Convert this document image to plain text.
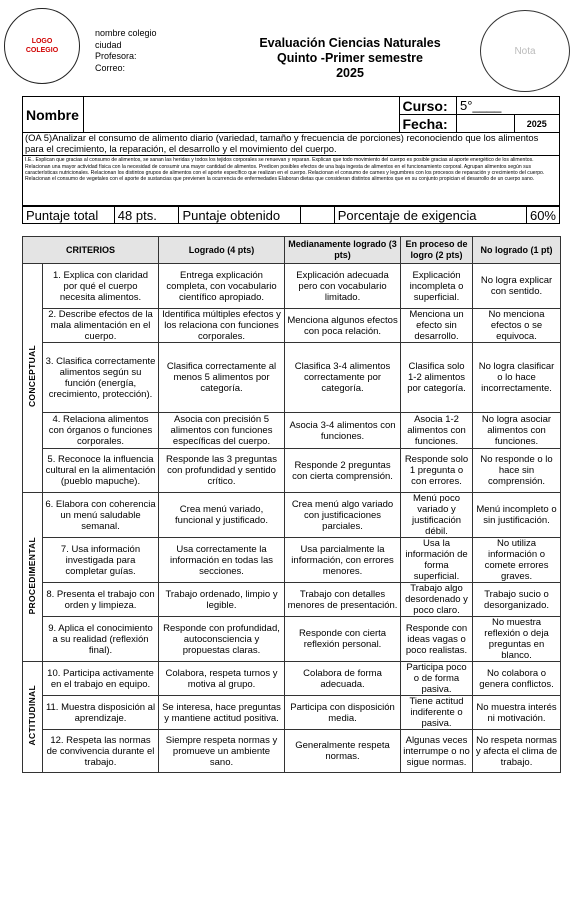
LOGO COLEGIO
nombre colegio
ciudad
Profesora:
Correo:
Evaluación Ciencias Naturales
Quinto -Primer semestre
2025
Nota
Nombre		Curso:	5°____	
		Fecha:		2025
(OA 5)Analizar el consumo de alimento diario (variedad, tamaño y frecuencia de porciones) reconociendo que los alimentos para el crecimiento, la reparación, el desarrollo y el movimiento del cuerpo.
I.E.. Explican que gracias al consumo de alimentos, se sanan las heridas y todos los tejidos corporales se renuevan y reparan. Explican que todo movimiento del cuerpo es posible gracias al aporte energético de los alimentos. Relacionan una mayor actividad física con la necesidad de consumir una mayor cantidad de alimentos. Predicen posibles efectos de una baja ingesta de alimentos en el funcionamiento corporal. Agrupan alimentos según sus características nutricionales. Relacionan los distintos grupos de alimentos con el aporte específico que realizan en el cuerpo. Relacionan el consumo de carnes y legumbres con los procesos de reparación y crecimiento del cuerpo. Relacionan el consumo de vegetales con el aporte de sustancias que previenen la ocurrencia de enfermedades Elaboran dietas que consideran distintos alimentos que en su conjunto propician el desarrollo de un cuerpo sano.
Puntaje total	48 pts.	Puntaje obtenido		Porcentaje de exigencia	60%
CRITERIOS		Logrado (4 pts)	Medianamente logrado (3 pts)	En proceso de logro (2 pts)	No logrado (1 pt)
CONCEPTUAL	1. Explica con claridad por qué el cuerpo necesita alimentos.	Entrega explicación completa, con vocabulario científico apropiado.	Explicación adecuada pero con vocabulario limitado.	Explicación incompleta o superficial.	No logra explicar con sentido.
	2. Describe efectos de la mala alimentación en el cuerpo.	Identifica múltiples efectos y los relaciona con funciones corporales.	Menciona algunos efectos con poca relación.	Menciona un efecto sin desarrollo.	No menciona efectos o se equivoca.
	3. Clasifica correctamente alimentos según su función (energía, crecimiento, protección).	Clasifica correctamente al menos 5 alimentos por categoría.	Clasifica 3-4 alimentos correctamente por categoría.	Clasifica solo 1-2 alimentos por categoría.	No logra clasificar o lo hace incorrectamente.
	4. Relaciona alimentos con órganos o funciones corporales.	Asocia con precisión 5 alimentos con funciones específicas del cuerpo.	Asocia 3-4 alimentos con funciones.	Asocia 1-2 alimentos con funciones.	No logra asociar alimentos con funciones.
	5. Reconoce la influencia cultural en la alimentación (pueblo mapuche).	Responde las 3 preguntas con profundidad y sentido crítico.	Responde 2 preguntas con cierta comprensión.	Responde solo 1 pregunta o con errores.	No responde o lo hace sin comprensión.
PROCEDIMENTAL	6. Elabora con coherencia un menú saludable semanal.	Crea menú variado, funcional y justificado.	Crea menú algo variado con justificaciones parciales.	Menú poco variado y justificación débil.	Menú incompleto o sin justificación.
	7. Usa información investigada para completar guías.	Usa correctamente la información en todas las secciones.	Usa parcialmente la información, con errores menores.	Usa la información de forma superficial.	No utiliza información o comete errores graves.
	8. Presenta el trabajo con orden y limpieza.	Trabajo ordenado, limpio y legible.	Trabajo con detalles menores de presentación.	Trabajo algo desordenado y poco claro.	Trabajo sucio o desorganizado.
	9. Aplica el conocimiento a su realidad (reflexión final).	Responde con profundidad, autoconsciencia y propuestas claras.	Responde con cierta reflexión personal.	Responde con ideas vagas o poco realistas.	No muestra reflexión o deja preguntas en blanco.
ACTITUDINAL	10. Participa activamente en el trabajo en equipo.	Colabora, respeta turnos y motiva al grupo.	Colabora de forma adecuada.	Participa poco o de forma pasiva.	No colabora o genera conflictos.
	11. Muestra disposición al aprendizaje.	Se interesa, hace preguntas y mantiene actitud positiva.	Participa con disposición media.	Tiene actitud indiferente o pasiva.	No muestra interés ni motivación.
	12. Respeta las normas de convivencia durante el trabajo.	Siempre respeta normas y promueve un ambiente sano.	Generalmente respeta normas.	Algunas veces interrumpe o no sigue normas.	No respeta normas y afecta el clima de trabajo.
